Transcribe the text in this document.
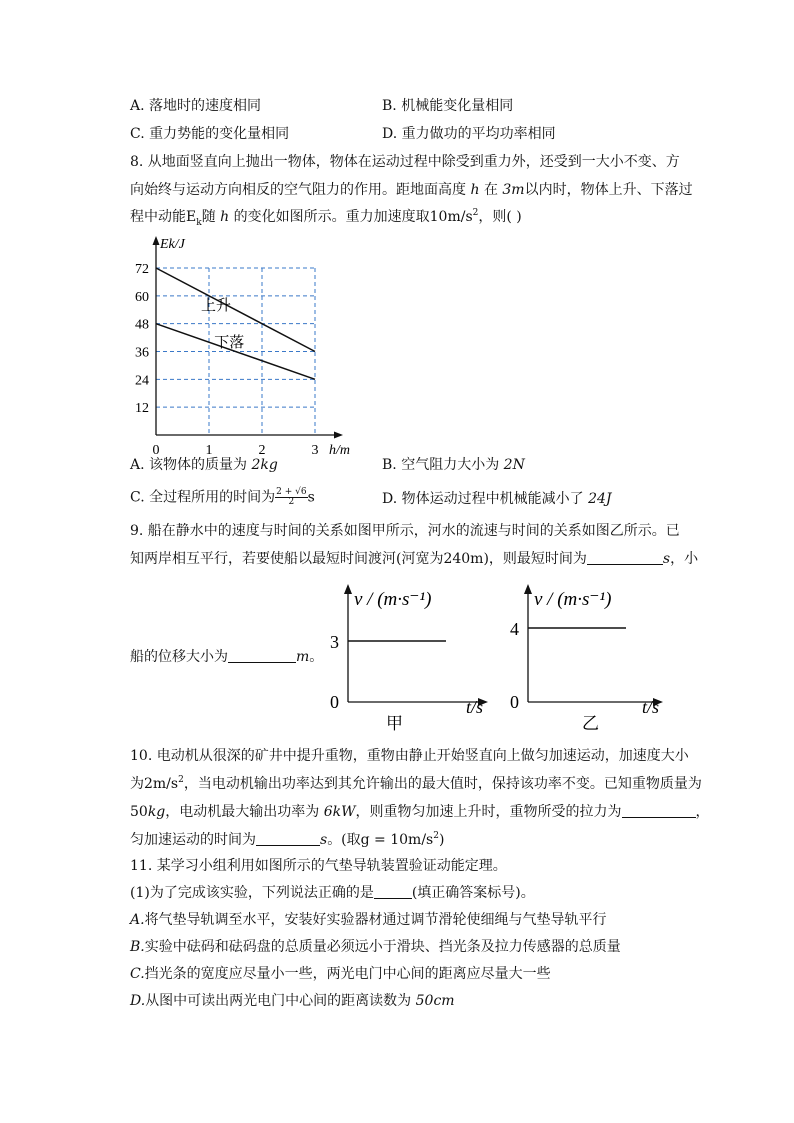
A. 落地时的速度相同	B. 机械能变化量相同
C. 重力势能的变化量相同	D. 重力做功的平均功率相同
8. 从地面竖直向上抛出一物体，物体在运动过程中除受到重力外，还受到一大小不变、方
向始终与运动方向相反的空气阻力的作用。距地面高度 h 在 3m以内时，物体上升、下落过
程中动能$E_k$随 h 的变化如图所示。重力加速度取$10m/s^2$，则( )
12
24
36
48
60
72
0	1	2	3
Ek/J
h/m
上升
下落
A. 该物体的质量为 2kg	B. 空气阻力大小为 2N
C. 全过程所用的时间为 $\frac{2 + √6}{2}$ s	D. 物体运动过程中机械能减小了 24J
9. 船在静水中的速度与时间的关系如图甲所示，河水的流速与时间的关系如图乙所示。已
知两岸相互平行，若要使船以最短时间渡河(河宽为240m)，则最短时间为	s，小
船的位移大小为	m。
v / (m·s⁻¹)
3
0	t/s
甲
v / (m·s⁻¹)
4
0	t/s
乙
10. 电动机从很深的矿井中提升重物，重物由静止开始竖直向上做匀加速运动，加速度大小
为$2m/s^2$，当电动机输出功率达到其允许输出的最大值时，保持该功率不变。已知重物质量为
50kg，电动机最大输出功率为 6kW，则重物匀加速上升时，重物所受的拉力为	，
匀加速运动的时间为	s。(取$g = 10m/s^2$)
11. 某学习小组利用如图所示的气垫导轨装置验证动能定理。
(1)为了完成该实验，下列说法正确的是	(填正确答案标号)。
A.将气垫导轨调至水平，安装好实验器材通过调节滑轮使细绳与气垫导轨平行
B.实验中砝码和砝码盘的总质量必须远小于滑块、挡光条及拉力传感器的总质量
C.挡光条的宽度应尽量小一些，两光电门中心间的距离应尽量大一些
D.从图中可读出两光电门中心间的距离读数为 50cm
